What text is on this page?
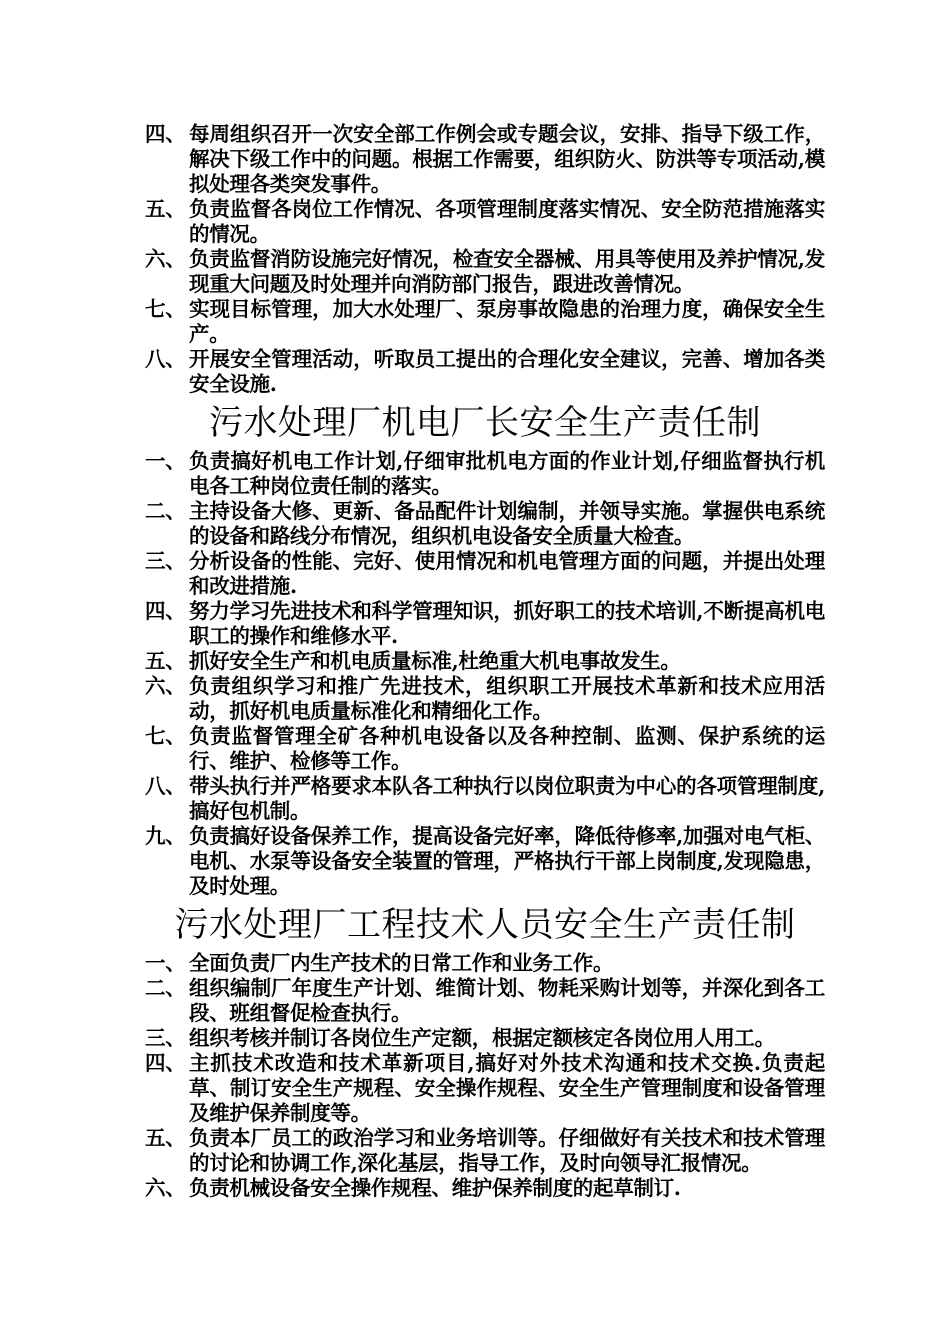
四、 每周组织召开一次安全部工作例会或专题会议，安排、指导下级工作，解决下级工作中的问题。根据工作需要，组织防火、防洪等专项活动,模拟处理各类突发事件。
五、 负责监督各岗位工作情况、各项管理制度落实情况、安全防范措施落实的情况。
六、 负责监督消防设施完好情况，检查安全器械、用具等使用及养护情况,发现重大问题及时处理并向消防部门报告，跟进改善情况。
七、 实现目标管理，加大水处理厂、泵房事故隐患的治理力度，确保安全生产。
八、 开展安全管理活动，听取员工提出的合理化安全建议，完善、增加各类安全设施.
污水处理厂机电厂长安全生产责任制
一、 负责搞好机电工作计划,仔细审批机电方面的作业计划,仔细监督执行机电各工种岗位责任制的落实。
二、 主持设备大修、更新、备品配件计划编制，并领导实施。掌握供电系统的设备和路线分布情况，组织机电设备安全质量大检查。
三、 分析设备的性能、完好、使用情况和机电管理方面的问题，并提出处理和改进措施.
四、 努力学习先进技术和科学管理知识，抓好职工的技术培训,不断提高机电职工的操作和维修水平.
五、 抓好安全生产和机电质量标准,杜绝重大机电事故发生。
六、 负责组织学习和推广先进技术，组织职工开展技术革新和技术应用活动，抓好机电质量标准化和精细化工作。
七、 负责监督管理全矿各种机电设备以及各种控制、监测、保护系统的运行、维护、检修等工作。
八、 带头执行并严格要求本队各工种执行以岗位职责为中心的各项管理制度,搞好包机制。
九、 负责搞好设备保养工作，提高设备完好率，降低待修率,加强对电气柜、电机、水泵等设备安全装置的管理，严格执行干部上岗制度,发现隐患，及时处理。
污水处理厂工程技术人员安全生产责任制
一、 全面负责厂内生产技术的日常工作和业务工作。
二、 组织编制厂年度生产计划、维简计划、物耗采购计划等，并深化到各工段、班组督促检查执行。
三、 组织考核并制订各岗位生产定额，根据定额核定各岗位用人用工。
四、 主抓技术改造和技术革新项目,搞好对外技术沟通和技术交换.负责起草、制订安全生产规程、安全操作规程、安全生产管理制度和设备管理及维护保养制度等。
五、 负责本厂员工的政治学习和业务培训等。仔细做好有关技术和技术管理的讨论和协调工作,深化基层，指导工作，及时向领导汇报情况。
六、 负责机械设备安全操作规程、维护保养制度的起草制订.
